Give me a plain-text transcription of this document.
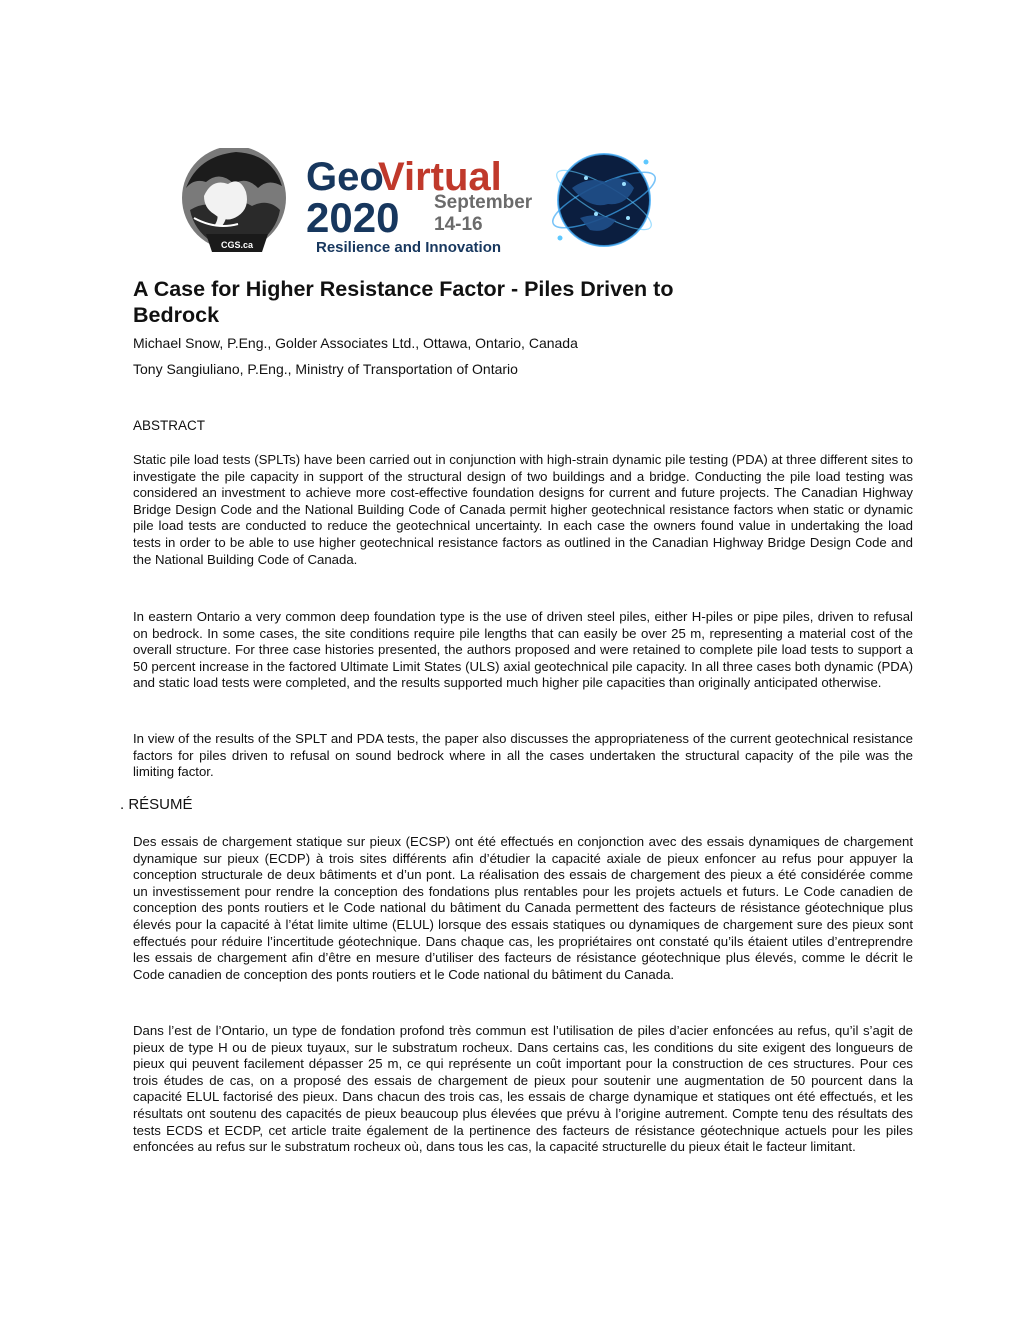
CGS.ca
Geo
Virtual
2020 September
14-16
Resilience and Innovation
A Case for Higher Resistance Factor - Piles Driven to Bedrock
Michael Snow, P.Eng., Golder Associates Ltd., Ottawa, Ontario, Canada
Tony Sangiuliano, P.Eng., Ministry of Transportation of Ontario
ABSTRACT

Static pile load tests (SPLTs) have been carried out in conjunction with high-strain dynamic pile testing (PDA) at three different sites to investigate the pile capacity in support of the structural design of two buildings and a bridge. Conducting the pile load testing was considered an investment to achieve more cost-effective foundation designs for current and future projects. The Canadian Highway Bridge Design Code and the National Building Code of Canada permit higher geotechnical resistance factors when static or dynamic pile load tests are conducted to reduce the geotechnical uncertainty. In each case the owners found value in undertaking the load tests in order to be able to use higher geotechnical resistance factors as outlined in the Canadian Highway Bridge Design Code and the National Building Code of Canada.

In eastern Ontario a very common deep foundation type is the use of driven steel piles, either H-piles or pipe piles, driven to refusal on bedrock. In some cases, the site conditions require pile lengths that can easily be over 25 m, representing a material cost of the overall structure. For three case histories presented, the authors proposed and were retained to complete pile load tests to support a 50 percent increase in the factored Ultimate Limit States (ULS) axial geotechnical pile capacity. In all three cases both dynamic (PDA) and static load tests were completed, and the results supported much higher pile capacities than originally anticipated otherwise.

In view of the results of the SPLT and PDA tests, the paper also discusses the appropriateness of the current geotechnical resistance factors for piles driven to refusal on sound bedrock where in all the cases undertaken the structural capacity of the pile was the limiting factor.

. RÉSUMÉ

Des essais de chargement statique sur pieux (ECSP) ont été effectués en conjonction avec des essais dynamiques de chargement dynamique sur pieux (ECDP) à trois sites différents afin d’étudier la capacité axiale de pieux enfoncer au refus pour appuyer la conception structurale de deux bâtiments et d’un pont. La réalisation des essais de chargement des pieux a été considérée comme un investissement pour rendre la conception des fondations plus rentables pour les projets actuels et futurs. Le Code canadien de conception des ponts routiers et le Code national du bâtiment du Canada permettent des facteurs de résistance géotechnique plus élevés pour la capacité à l’état limite ultime (ELUL) lorsque des essais statiques ou dynamiques de chargement sure des pieux sont effectués pour réduire l’incertitude géotechnique. Dans chaque cas, les propriétaires ont constaté qu’ils étaient utiles d’entreprendre les essais de chargement afin d’être en mesure d’utiliser des facteurs de résistance géotechnique plus élevés, comme le décrit le Code canadien de conception des ponts routiers et le Code national du bâtiment du Canada.

Dans l’est de l’Ontario, un type de fondation profond très commun est l’utilisation de piles d’acier enfoncées au refus, qu’il s’agit de pieux de type H ou de pieux tuyaux, sur le substratum rocheux. Dans certains cas, les conditions du site exigent des longueurs de pieux qui peuvent facilement dépasser 25 m, ce qui représente un coût important pour la construction de ces structures. Pour ces trois études de cas, on a proposé des essais de chargement de pieux pour soutenir une augmentation de 50 pourcent dans la capacité ELUL factorisé des pieux. Dans chacun des trois cas, les essais de charge dynamique et statiques ont été effectués, et les résultats ont soutenu des capacités de pieux beaucoup plus élevées que prévu à l’origine autrement. Compte tenu des résultats des tests ECDS et ECDP, cet article traite également de la pertinence des facteurs de résistance géotechnique actuels pour les piles enfoncées au refus sur le substratum rocheux où, dans tous les cas, la capacité structurelle du pieux était le facteur limitant.
